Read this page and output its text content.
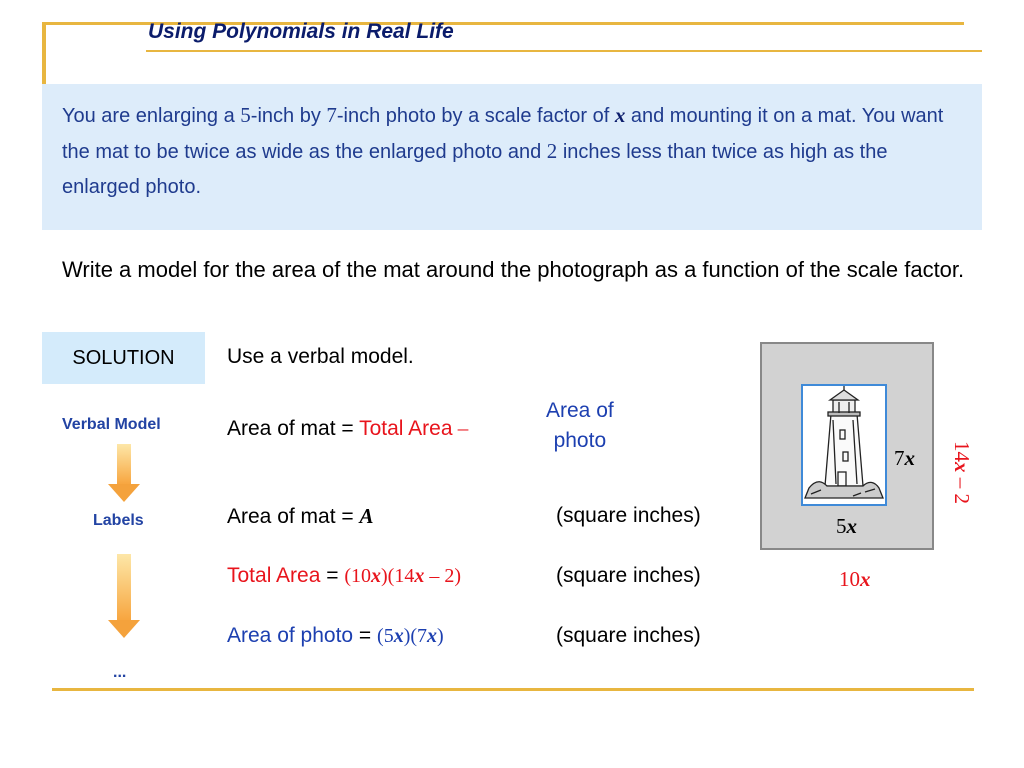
Using Polynomials in Real Life
You are enlarging a 5-inch by 7-inch photo by a scale factor of x and mounting it on a mat. You want the mat to be twice as wide as the enlarged photo and 2 inches less than twice as high as the enlarged photo.
Write a model for the area of the mat around the photograph as a function of the scale factor.
SOLUTION Use a verbal model.
Verbal Model
Labels
...
Area of mat = Total Area –
Area of
photo
Area of mat = A
Total Area = (10x)(14x – 2)
Area of photo = (5x)(7x)
(square inches)
(square inches)
(square inches)
7x
5x
10x
14x – 2
